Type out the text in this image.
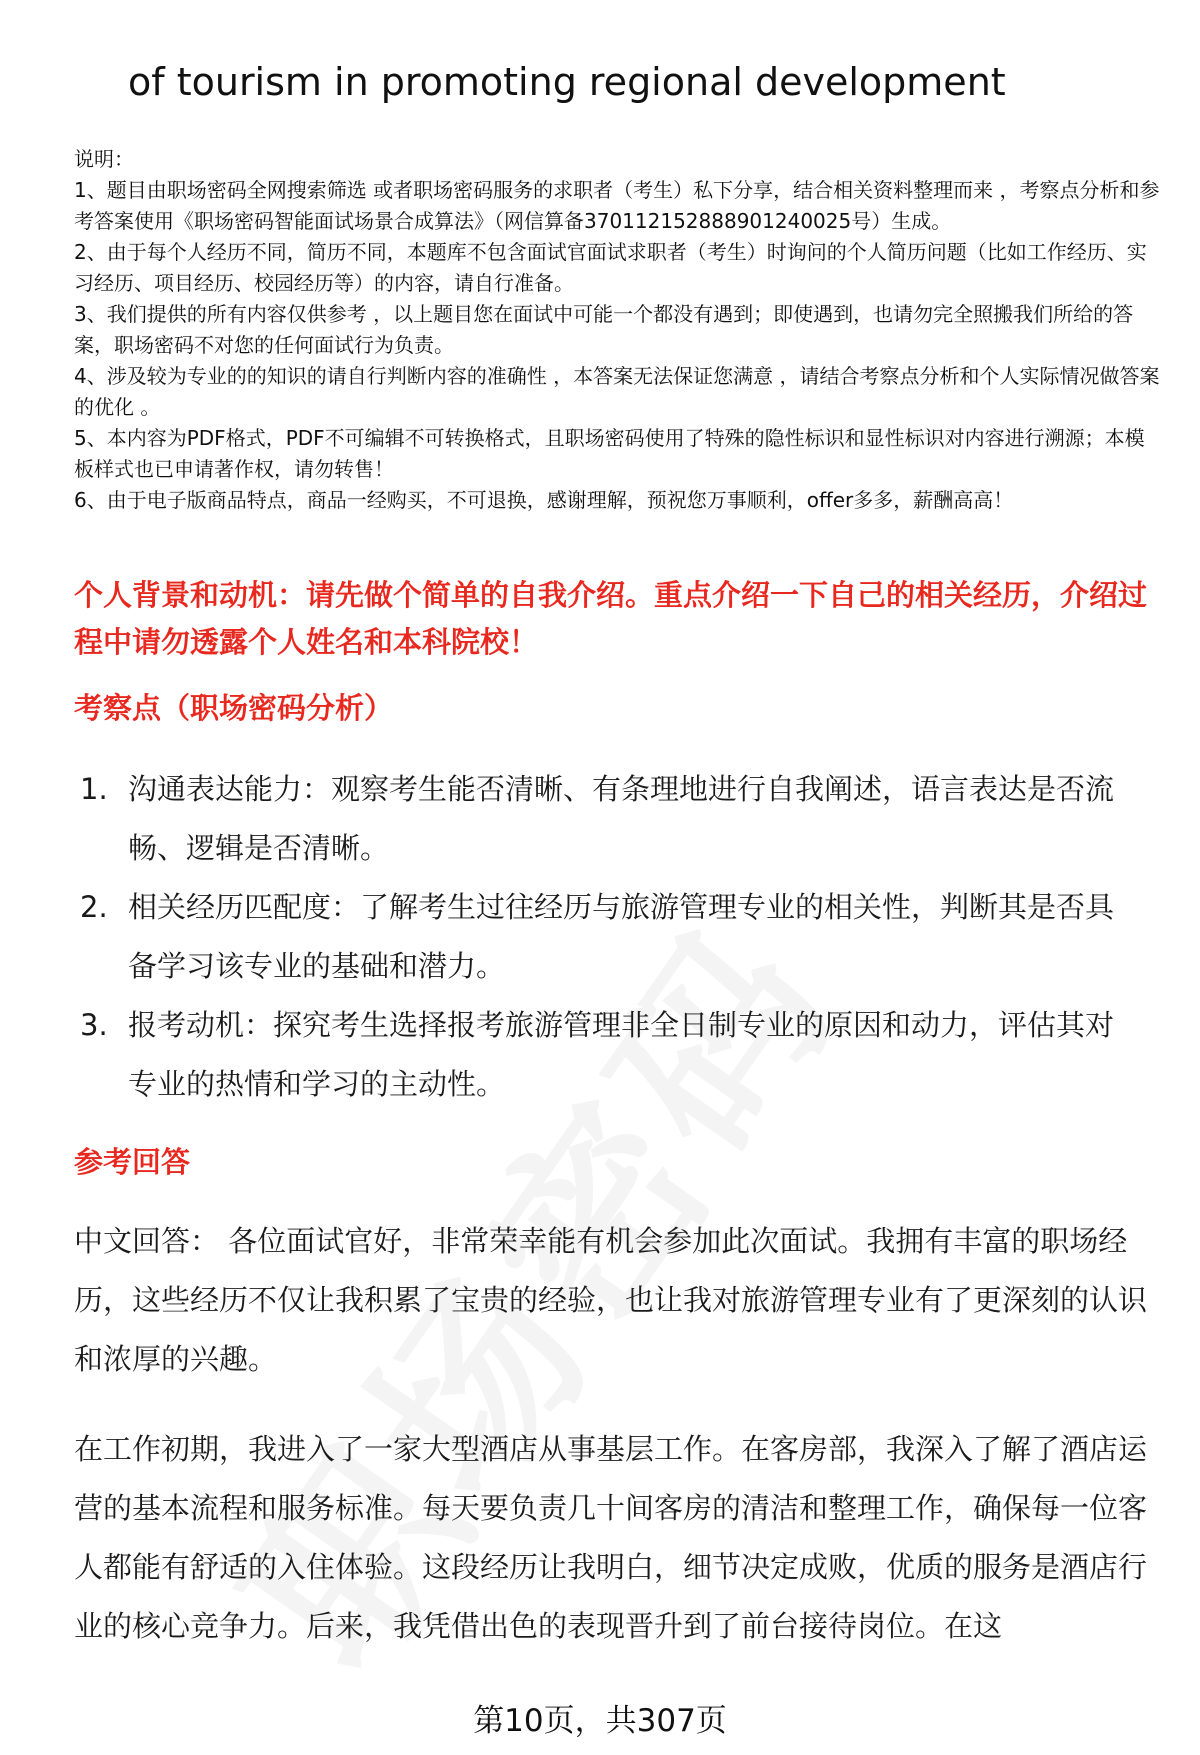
of tourism in promoting regional development

说明：

1、题目由职场密码全网搜索筛选 或者职场密码服务的求职者（考生）私下分享，结合相关资料整理而来 ，考察点分析和参考答案使用《职场密码智能面试场景合成算法》（网信算备370112152888901240025号）生成。

2、由于每个人经历不同，简历不同，本题库不包含面试官面试求职者（考生）时询问的个人简历问题（比如工作经历、实习经历、项目经历、校园经历等）的内容，请自行准备。

3、我们提供的所有内容仅供参考 ，以上题目您在面试中可能一个都没有遇到；即使遇到，也请勿完全照搬我们所给的答案，职场密码不对您的任何面试行为负责。

4、涉及较为专业的的知识的请自行判断内容的准确性 ，本答案无法保证您满意 ，请结合考察点分析和个人实际情况做答案的优化 。

5、本内容为PDF格式，PDF不可编辑不可转换格式，且职场密码使用了特殊的隐性标识和显性标识对内容进行溯源；本模板样式也已申请著作权，请勿转售！

6、由于电子版商品特点，商品一经购买，不可退换，感谢理解，预祝您万事顺利，offer多多，薪酬高高！

个人背景和动机：请先做个简单的自我介绍。重点介绍一下自己的相关经历，介绍过程中请勿透露个人姓名和本科院校！
考察点（职场密码分析）
1. 沟通表达能力：观察考生能否清晰、有条理地进行自我阐述，语言表达是否流畅、逻辑是否清晰。
2. 相关经历匹配度：了解考生过往经历与旅游管理专业的相关性，判断其是否具备学习该专业的基础和潜力。
3. 报考动机：探究考生选择报考旅游管理非全日制专业的原因和动力，评估其对专业的热情和学习的主动性。
参考回答

中文回答： 各位面试官好，非常荣幸能有机会参加此次面试。我拥有丰富的职场经历，这些经历不仅让我积累了宝贵的经验，也让我对旅游管理专业有了更深刻的认识和浓厚的兴趣。

在工作初期，我进入了一家大型酒店从事基层工作。在客房部，我深入了解了酒店运营的基本流程和服务标准。每天要负责几十间客房的清洁和整理工作，确保每一位客人都能有舒适的入住体验。这段经历让我明白，细节决定成败，优质的服务是酒店行业的核心竞争力。后来，我凭借出色的表现晋升到了前台接待岗位。在这

第10页，共307页
